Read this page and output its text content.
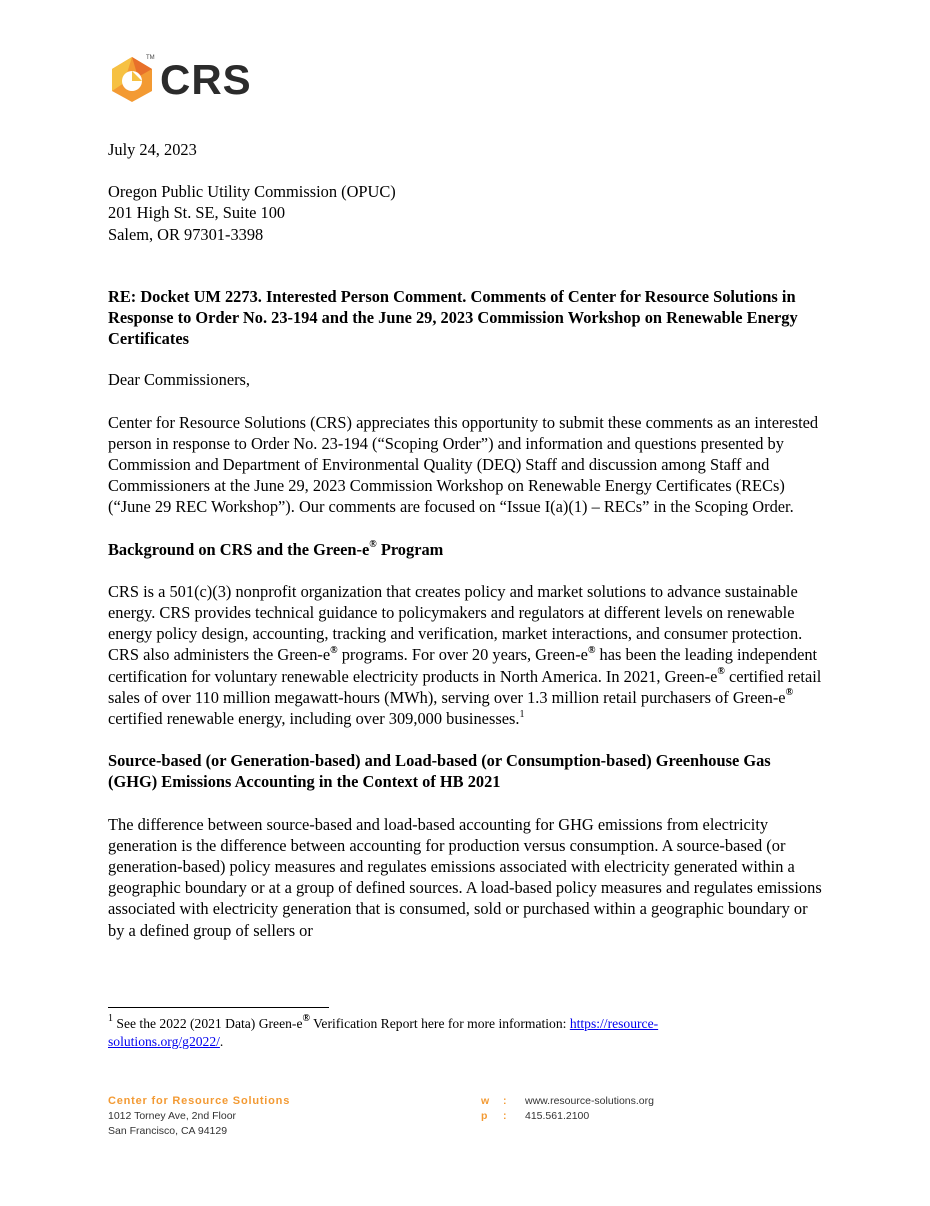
TM CRS
July 24, 2023
Oregon Public Utility Commission (OPUC)
201 High St. SE, Suite 100
Salem, OR 97301-3398
RE: Docket UM 2273. Interested Person Comment. Comments of Center for Resource Solutions in Response to Order No. 23-194 and the June 29, 2023 Commission Workshop on Renewable Energy Certificates
Dear Commissioners,

Center for Resource Solutions (CRS) appreciates this opportunity to submit these comments as an interested person in response to Order No. 23-194 (“Scoping Order”) and information and questions presented by Commission and Department of Environmental Quality (DEQ) Staff and discussion among Staff and Commissioners at the June 29, 2023 Commission Workshop on Renewable Energy Certificates (RECs) (“June 29 REC Workshop”). Our comments are focused on “Issue I(a)(1) – RECs” in the Scoping Order.

Background on CRS and the Green-e® Program

CRS is a 501(c)(3) nonprofit organization that creates policy and market solutions to advance sustainable energy. CRS provides technical guidance to policymakers and regulators at different levels on renewable energy policy design, accounting, tracking and verification, market interactions, and consumer protection. CRS also administers the Green-e® programs. For over 20 years, Green-e® has been the leading independent certification for voluntary renewable electricity products in North America. In 2021, Green-e® certified retail sales of over 110 million megawatt-hours (MWh), serving over 1.3 million retail purchasers of Green-e® certified renewable energy, including over 309,000 businesses.$^1$

Source-based (or Generation-based) and Load-based (or Consumption-based) Greenhouse Gas (GHG) Emissions Accounting in the Context of HB 2021

The difference between source-based and load-based accounting for GHG emissions from electricity generation is the difference between accounting for production versus consumption. A source-based (or generation-based) policy measures and regulates emissions associated with electricity generated within a geographic boundary or at a group of defined sources. A load-based policy measures and regulates emissions associated with electricity generation that is consumed, sold or purchased within a geographic boundary or by a defined group of sellers or

$^1$ See the 2022 (2021 Data) Green-e® Verification Report here for more information: https://resource-solutions.org/g2022/.
Center for Resource Solutions
1012 Torney Ave, 2nd Floor
San Francisco, CA 94129
w	:	www.resource-solutions.org
p	:	415.561.2100
